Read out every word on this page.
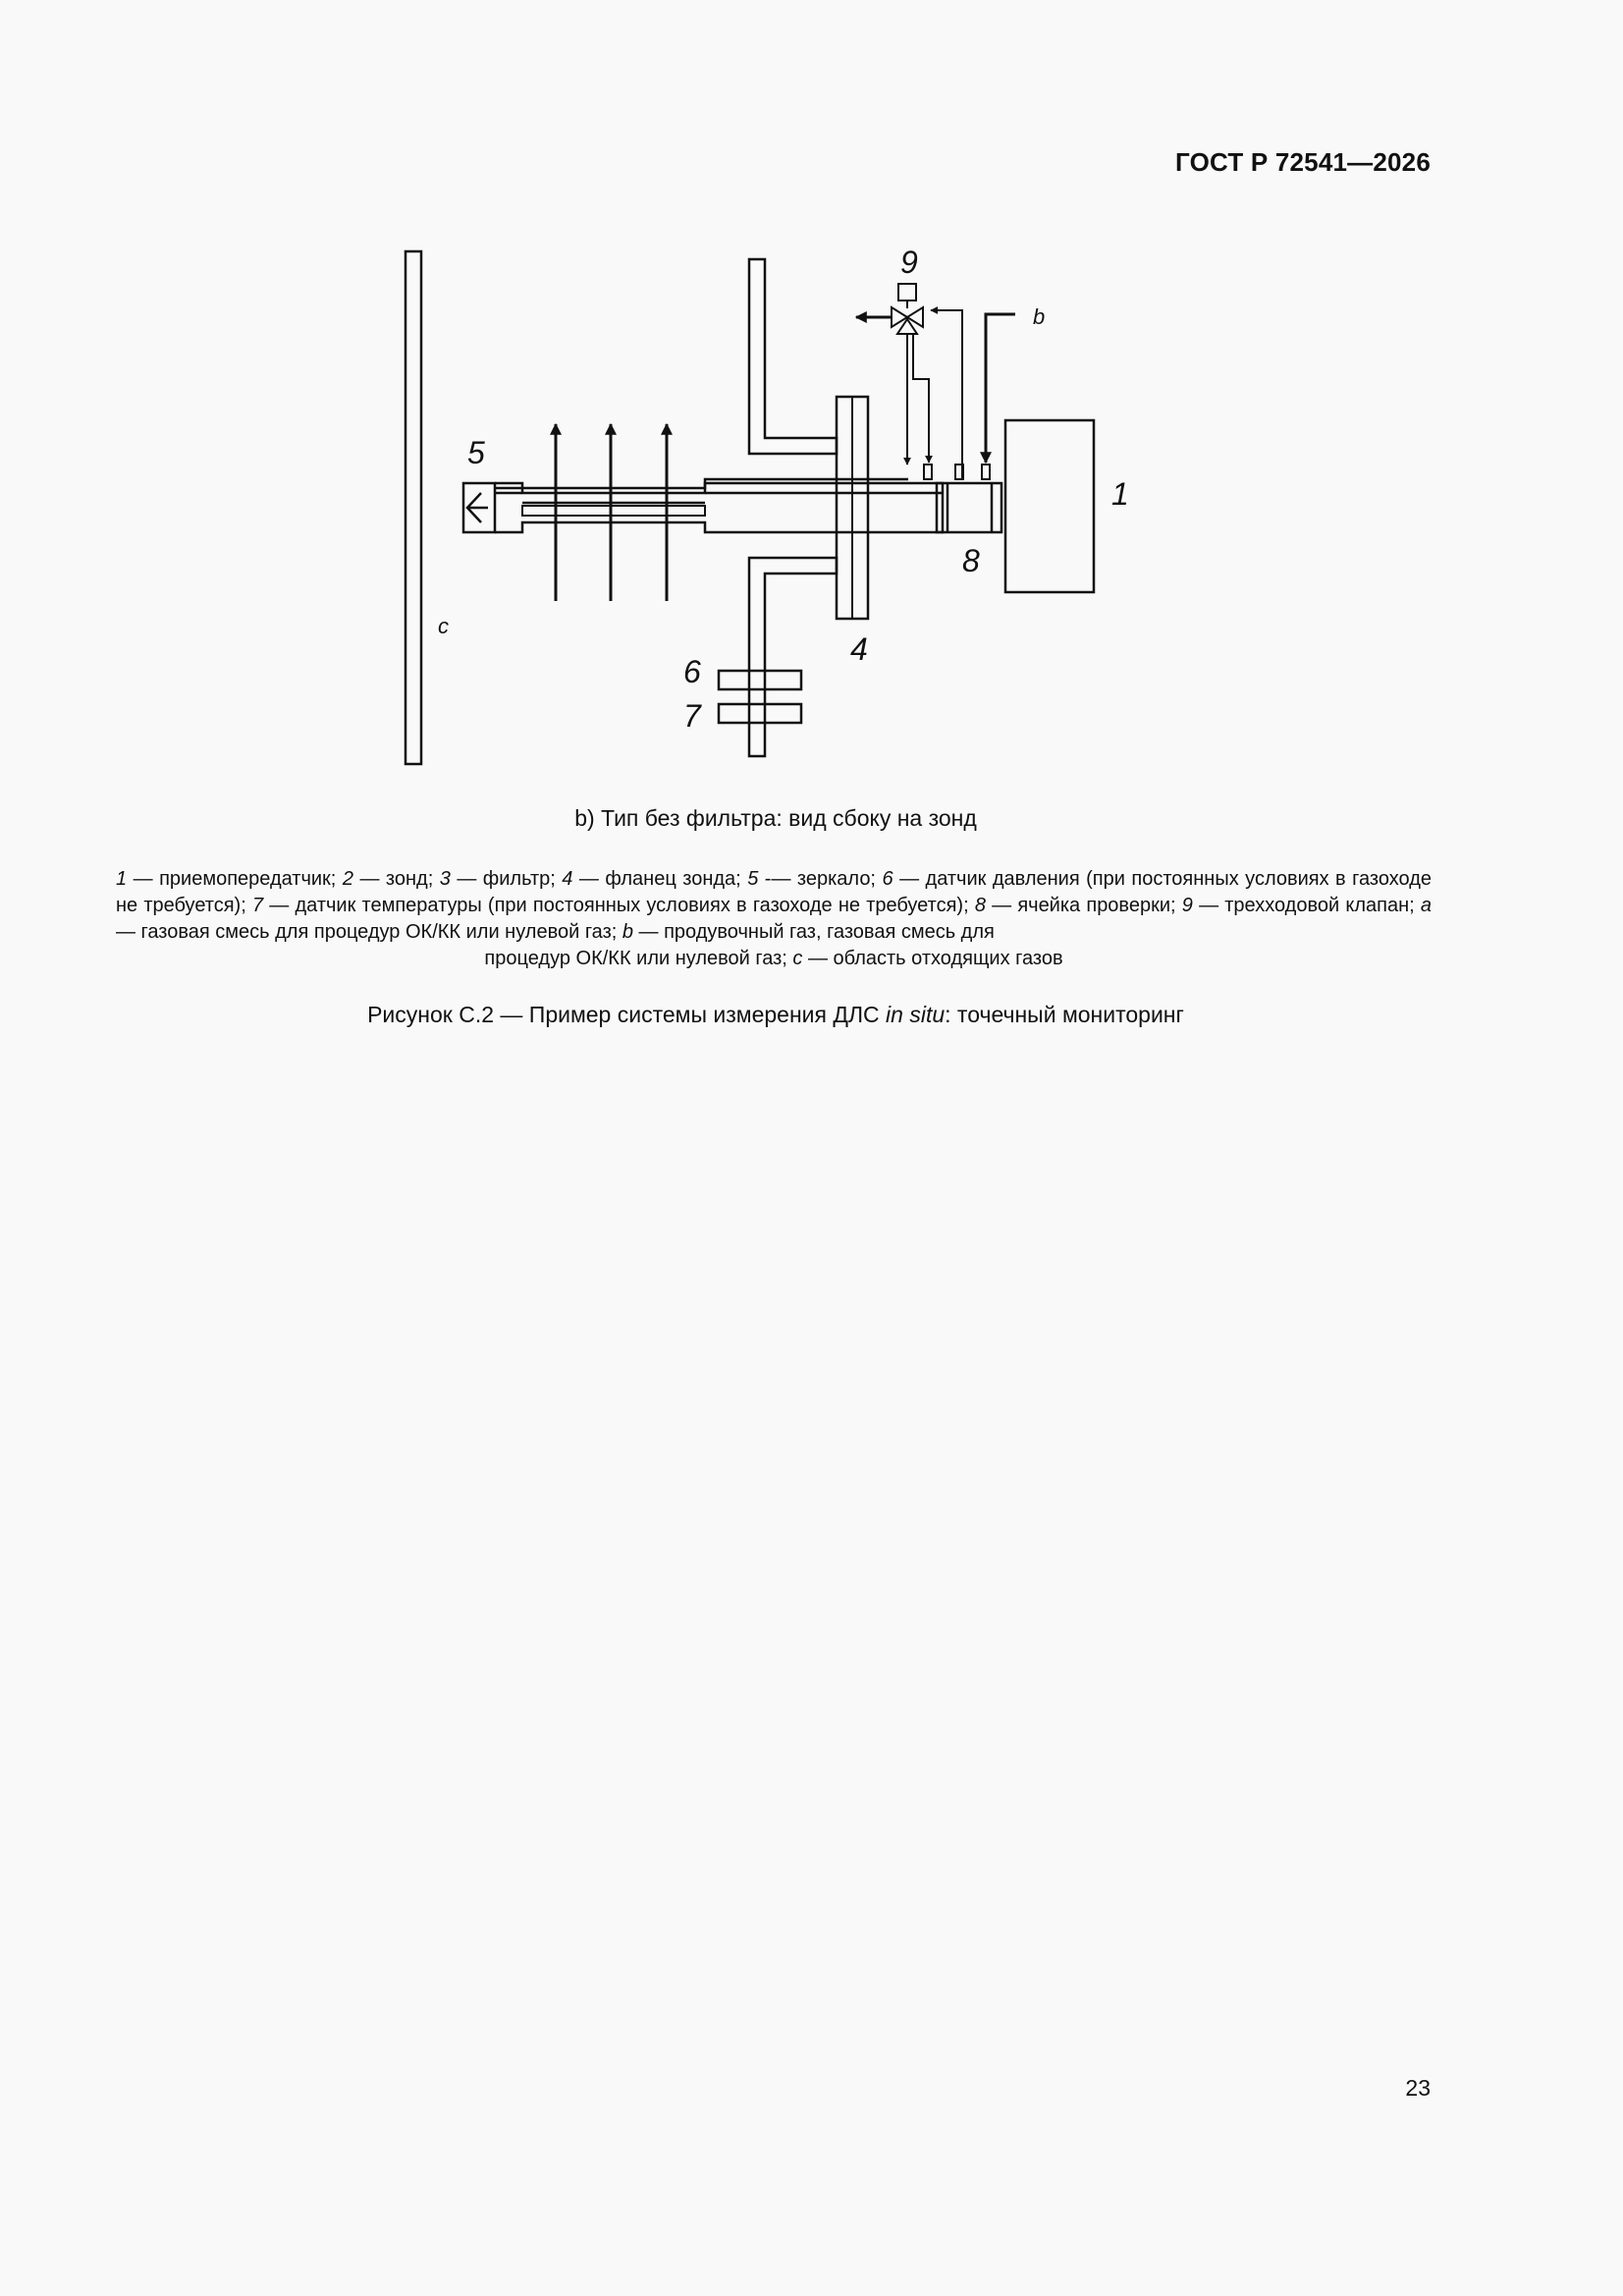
ГОСТ Р 72541—2026
9
b
5
1
8
c
4
6
7
b) Тип без фильтра: вид сбоку на зонд
1 — приемопередатчик; 2 — зонд; 3 — фильтр; 4 — фланец зонда; 5 -— зеркало; 6 — датчик давления (при постоянных условиях в газоходе не требуется); 7 — датчик температуры (при постоянных условиях в газоходе не требуется); 8 — ячейка проверки; 9 — трехходовой клапан; а — газовая смесь для процедур ОК/КК или нулевой газ; b — продувочный газ, газовая смесь для
процедур ОК/КК или нулевой газ; с — область отходящих газов
Рисунок С.2 — Пример системы измерения ДЛС in situ: точечный мониторинг
23
